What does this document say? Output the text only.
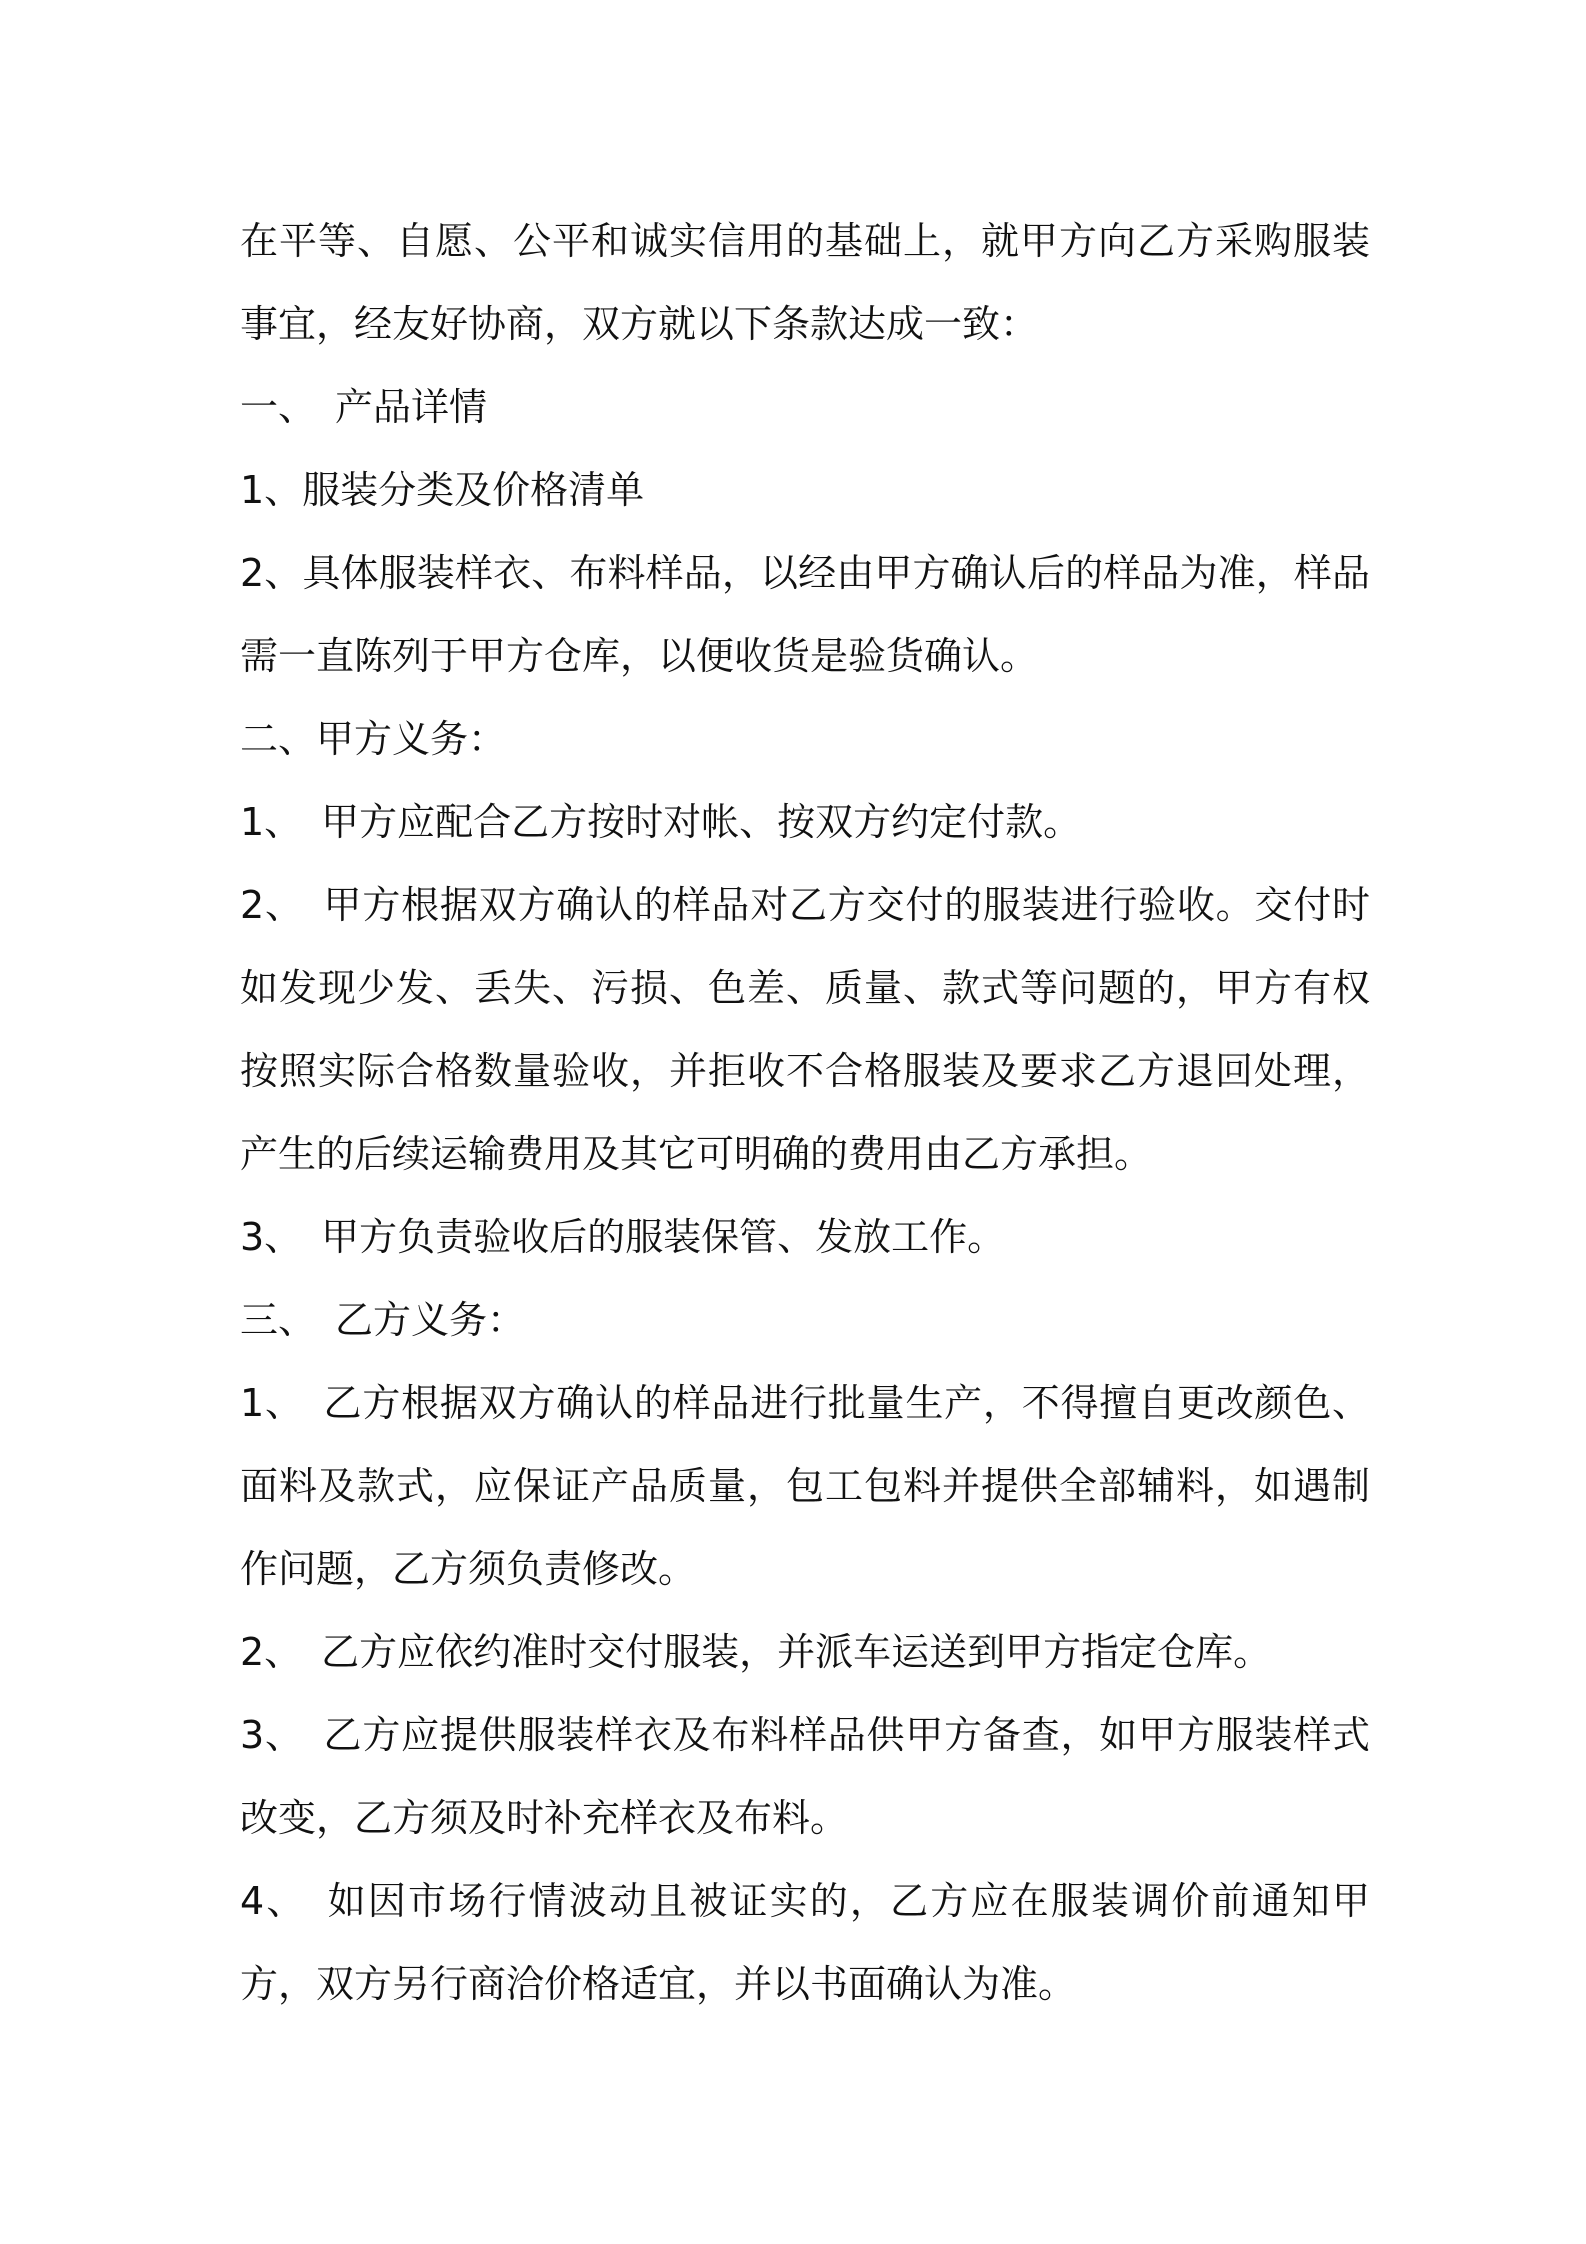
在平等、自愿、公平和诚实信用的基础上，就甲方向乙方采购服装事宜，经友好协商，双方就以下条款达成一致：

一、　产品详情

1、服装分类及价格清单

2、具体服装样衣、布料样品，以经由甲方确认后的样品为准，样品需一直陈列于甲方仓库，以便收货是验货确认。

二、甲方义务：

1、　甲方应配合乙方按时对帐、按双方约定付款。

2、　甲方根据双方确认的样品对乙方交付的服装进行验收。交付时如发现少发、丢失、污损、色差、质量、款式等问题的，甲方有权按照实际合格数量验收，并拒收不合格服装及要求乙方退回处理，产生的后续运输费用及其它可明确的费用由乙方承担。

3、　甲方负责验收后的服装保管、发放工作。

三、　乙方义务：

1、　乙方根据双方确认的样品进行批量生产，不得擅自更改颜色、面料及款式，应保证产品质量，包工包料并提供全部辅料，如遇制作问题，乙方须负责修改。

2、　乙方应依约准时交付服装，并派车运送到甲方指定仓库。

3、　乙方应提供服装样衣及布料样品供甲方备查，如甲方服装样式改变，乙方须及时补充样衣及布料。

4、　如因市场行情波动且被证实的，乙方应在服装调价前通知甲方，双方另行商洽价格适宜，并以书面确认为准。
